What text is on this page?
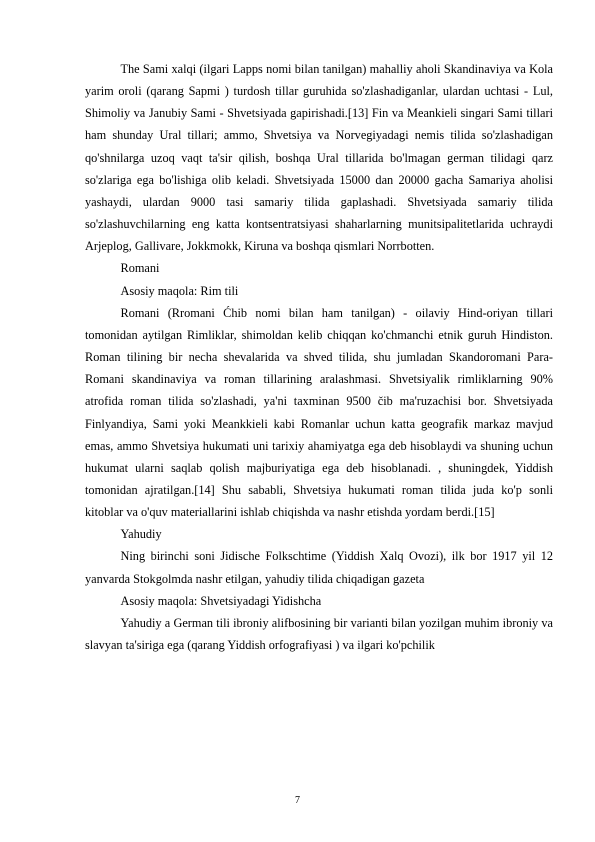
The Sami xalqi (ilgari Lapps nomi bilan tanilgan) mahalliy aholi Skandinaviya va Kola yarim oroli (qarang Sapmi ) turdosh tillar guruhida so'zlashadiganlar, ulardan uchtasi - Lul, Shimoliy va Janubiy Sami - Shvetsiyada gapirishadi.[13] Fin va Meankieli singari Sami tillari ham shunday Ural tillari; ammo, Shvetsiya va Norvegiyadagi nemis tilida so'zlashadigan qo'shnilarga uzoq vaqt ta'sir qilish, boshqa Ural tillarida bo'lmagan german tilidagi qarz so'zlariga ega bo'lishiga olib keladi. Shvetsiyada 15000 dan 20000 gacha Samariya aholisi yashaydi, ulardan 9000 tasi samariy tilida gaplashadi. Shvetsiyada samariy tilida so'zlashuvchilarning eng katta kontsentratsiyasi shaharlarning munitsipalitetlarida uchraydi Arjeplog, Gallivare, Jokkmokk, Kiruna va boshqa qismlari Norrbotten.

Romani

Asosiy maqola: Rim tili

Romani (Rromani Ćhib nomi bilan ham tanilgan) - oilaviy Hind-oriyan tillari tomonidan aytilgan Rimliklar, shimoldan kelib chiqqan ko'chmanchi etnik guruh Hindiston. Roman tilining bir necha shevalarida va shved tilida, shu jumladan Skandoromani Para-Romani skandinaviya va roman tillarining aralashmasi. Shvetsiyalik rimliklarning 90% atrofida roman tilida so'zlashadi, ya'ni taxminan 9500 čib ma'ruzachisi bor. Shvetsiyada Finlyandiya, Sami yoki Meankkieli kabi Romanlar uchun katta geografik markaz mavjud emas, ammo Shvetsiya hukumati uni tarixiy ahamiyatga ega deb hisoblaydi va shuning uchun hukumat ularni saqlab qolish majburiyatiga ega deb hisoblanadi. , shuningdek, Yiddish tomonidan ajratilgan.[14] Shu sababli, Shvetsiya hukumati roman tilida juda ko'p sonli kitoblar va o'quv materiallarini ishlab chiqishda va nashr etishda yordam berdi.[15]

Yahudiy

Ning birinchi soni Jidische Folkschtime (Yiddish Xalq Ovozi), ilk bor 1917 yil 12 yanvarda Stokgolmda nashr etilgan, yahudiy tilida chiqadigan gazeta

Asosiy maqola: Shvetsiyadagi Yidishcha

Yahudiy a German tili ibroniy alifbosining bir varianti bilan yozilgan muhim ibroniy va slavyan ta'siriga ega (qarang Yiddish orfografiyasi ) va ilgari ko'pchilik

7
